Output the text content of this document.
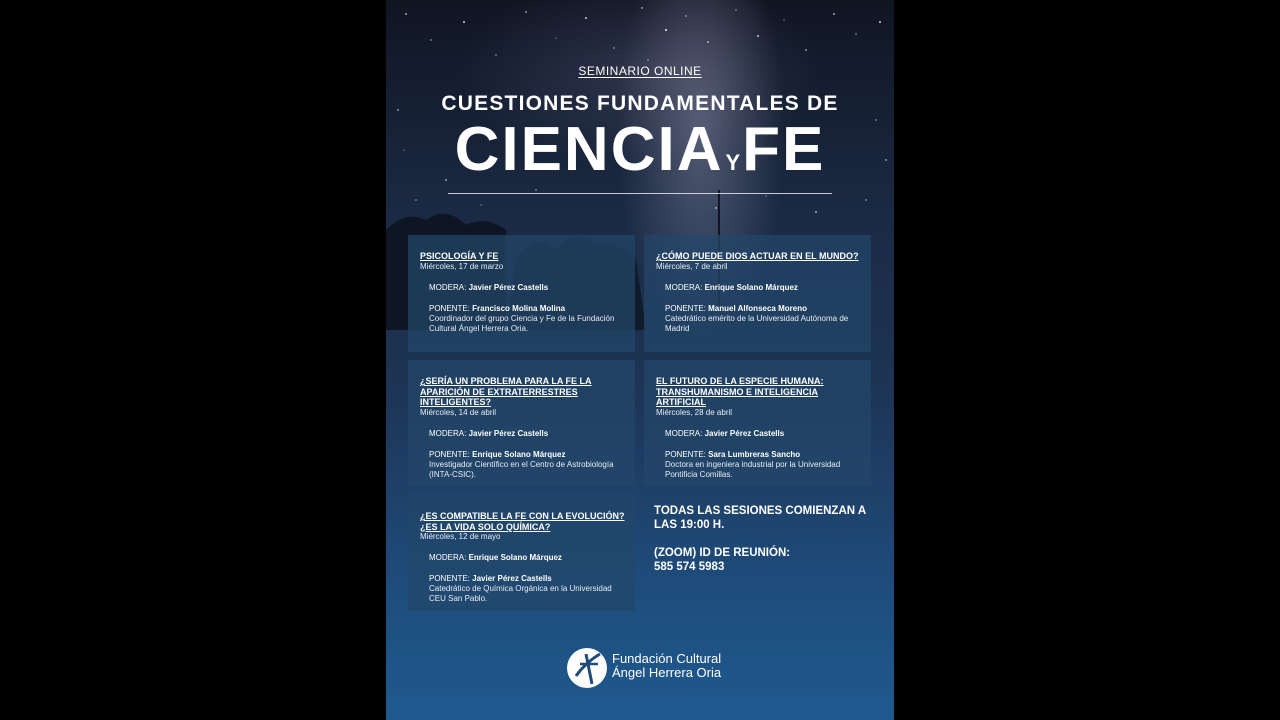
SEMINARIO ONLINE
CUESTIONES FUNDAMENTALES DE
CIENCIAYFE
PSICOLOGÍA Y FE
Miércoles, 17 de marzo
MODERA: Javier Pérez Castells
PONENTE: Francisco Molina Molina
Coordinador del grupo Ciencia y Fe de la Fundación Cultural Ángel Herrera Oria.
¿CÓMO PUEDE DIOS ACTUAR EN EL MUNDO?
Miércoles, 7 de abril
MODERA: Enrique Solano Márquez
PONENTE: Manuel Alfonseca Moreno
Catedrático emérito de la Universidad Autónoma de Madrid
¿SERÍA UN PROBLEMA PARA LA FE LA APARICIÓN DE EXTRATERRESTRES INTELIGENTES?
Miércoles, 14 de abril
MODERA: Javier Pérez Castells
PONENTE: Enrique Solano Márquez
Investigador Científico en el Centro de Astrobiología (INTA-CSIC).
EL FUTURO DE LA ESPECIE HUMANA: TRANSHUMANISMO E INTELIGENCIA ARTIFICIAL
Miércoles, 28 de abril
MODERA: Javier Pérez Castells
PONENTE: Sara Lumbreras Sancho
Doctora en ingeniera industrial por la Universidad Pontificia Comillas.
¿ES COMPATIBLE LA FE CON LA EVOLUCIÓN? ¿ES LA VIDA SOLO QUÍMICA?
Miércoles, 12 de mayo
MODERA: Enrique Solano Márquez
PONENTE: Javier Pérez Castells
Catedrático de Química Orgánica en la Universidad CEU San Pablo.
TODAS LAS SESIONES COMIENZAN A LAS 19:00 H.
(ZOOM) ID DE REUNIÓN:
585 574 5983
Fundación Cultural
Ángel Herrera Oria
